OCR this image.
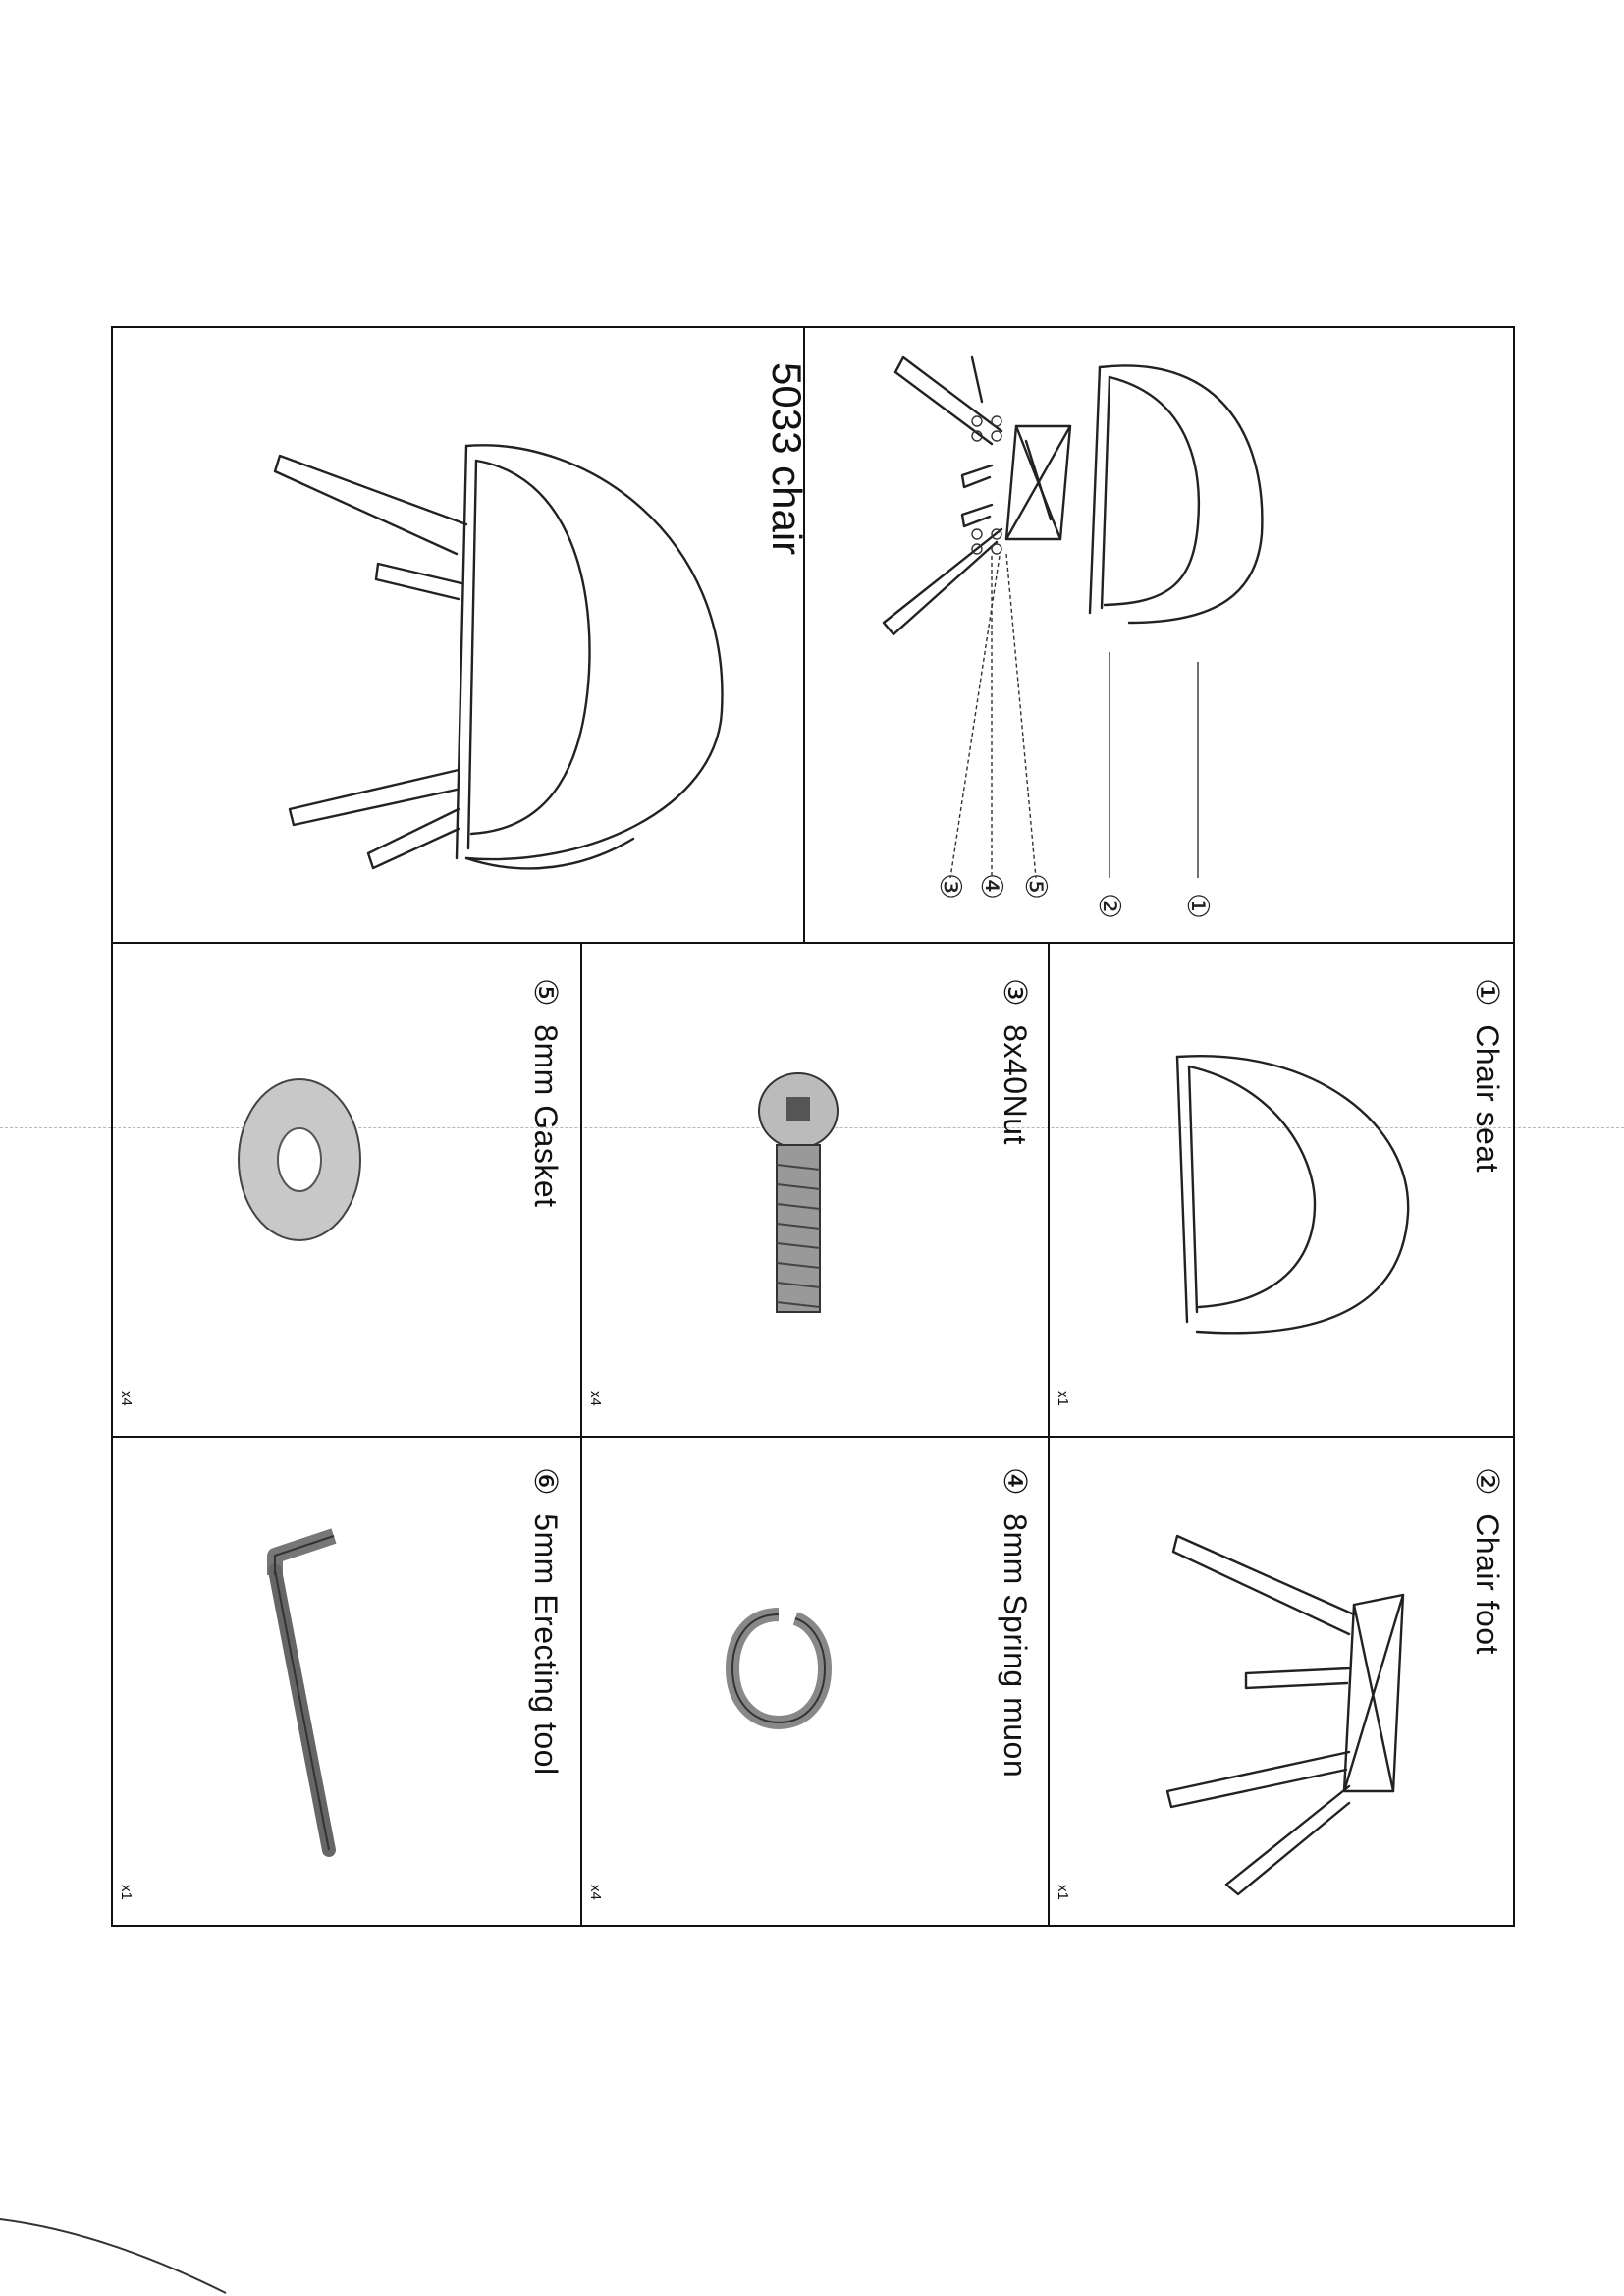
5033 chair
①
②
③ ④ ⑤
①Chair seat
x1
②Chair foot
x1
③8x40Nut
x4
④8mm Spring muon
x4
⑤8mm Gasket
x4
⑥5mm Erecting tool
x1
